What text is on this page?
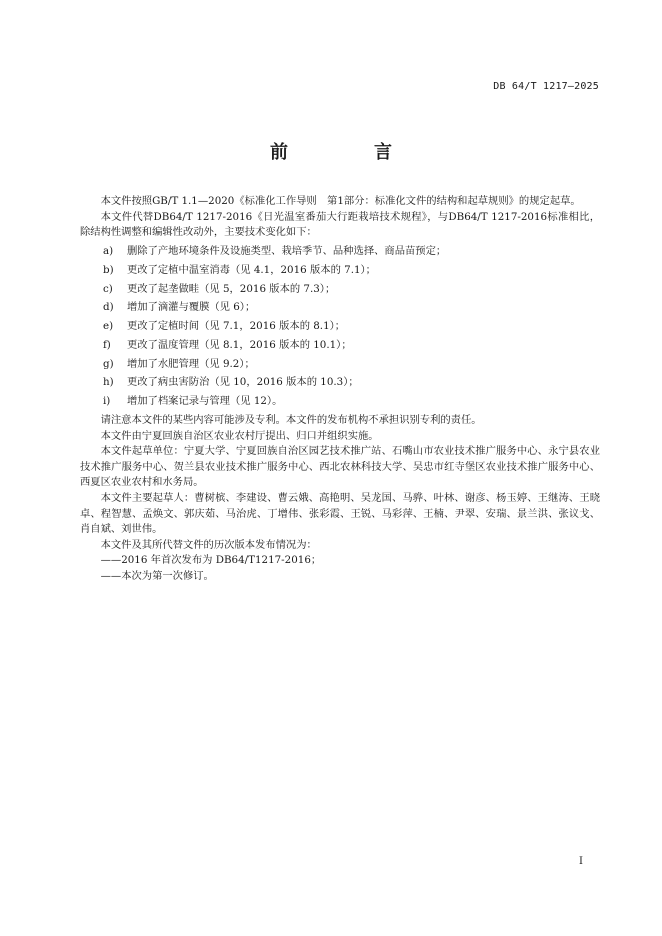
DB 64/T 1217—2025
前　言

本文件按照GB/T 1.1—2020《标准化工作导则　第1部分：标准化文件的结构和起草规则》的规定起草。

本文件代替DB64/T 1217-2016《日光温室番茄大行距栽培技术规程》，与DB64/T 1217-2016标准相比，除结构性调整和编辑性改动外，主要技术变化如下：

a)	删除了产地环境条件及设施类型、栽培季节、品种选择、商品苗预定；
b)	更改了定植中温室消毒（见 4.1，2016 版本的 7.1）；
c)	更改了起垄做畦（见 5，2016 版本的 7.3）；
d)	增加了滴灌与覆膜（见 6）；
e)	更改了定植时间（见 7.1，2016 版本的 8.1）；
f)	更改了温度管理（见 8.1，2016 版本的 10.1）；
g)	增加了水肥管理（见 9.2）；
h)	更改了病虫害防治（见 10，2016 版本的 10.3）；
i)	增加了档案记录与管理（见 12）。

请注意本文件的某些内容可能涉及专利。本文件的发布机构不承担识别专利的责任。

本文件由宁夏回族自治区农业农村厅提出、归口并组织实施。

本文件起草单位：宁夏大学、宁夏回族自治区园艺技术推广站、石嘴山市农业技术推广服务中心、永宁县农业技术推广服务中心、贺兰县农业技术推广服务中心、西北农林科技大学、吴忠市红寺堡区农业技术推广服务中心、西夏区农业农村和水务局。

本文件主要起草人：曹树槟、李建设、曹云娥、高艳明、吴龙国、马骅、叶林、谢彦、杨玉婷、王继涛、王晓卓、程智慧、孟焕文、郭庆茹、马治虎、丁增伟、张彩霞、王锐、马彩萍、王楠、尹翠、安瑞、景兰洪、张议戈、肖自斌、刘世伟。

本文件及其所代替文件的历次版本发布情况为：

——2016 年首次发布为 DB64/T1217-2016；

——本次为第一次修订。

I
